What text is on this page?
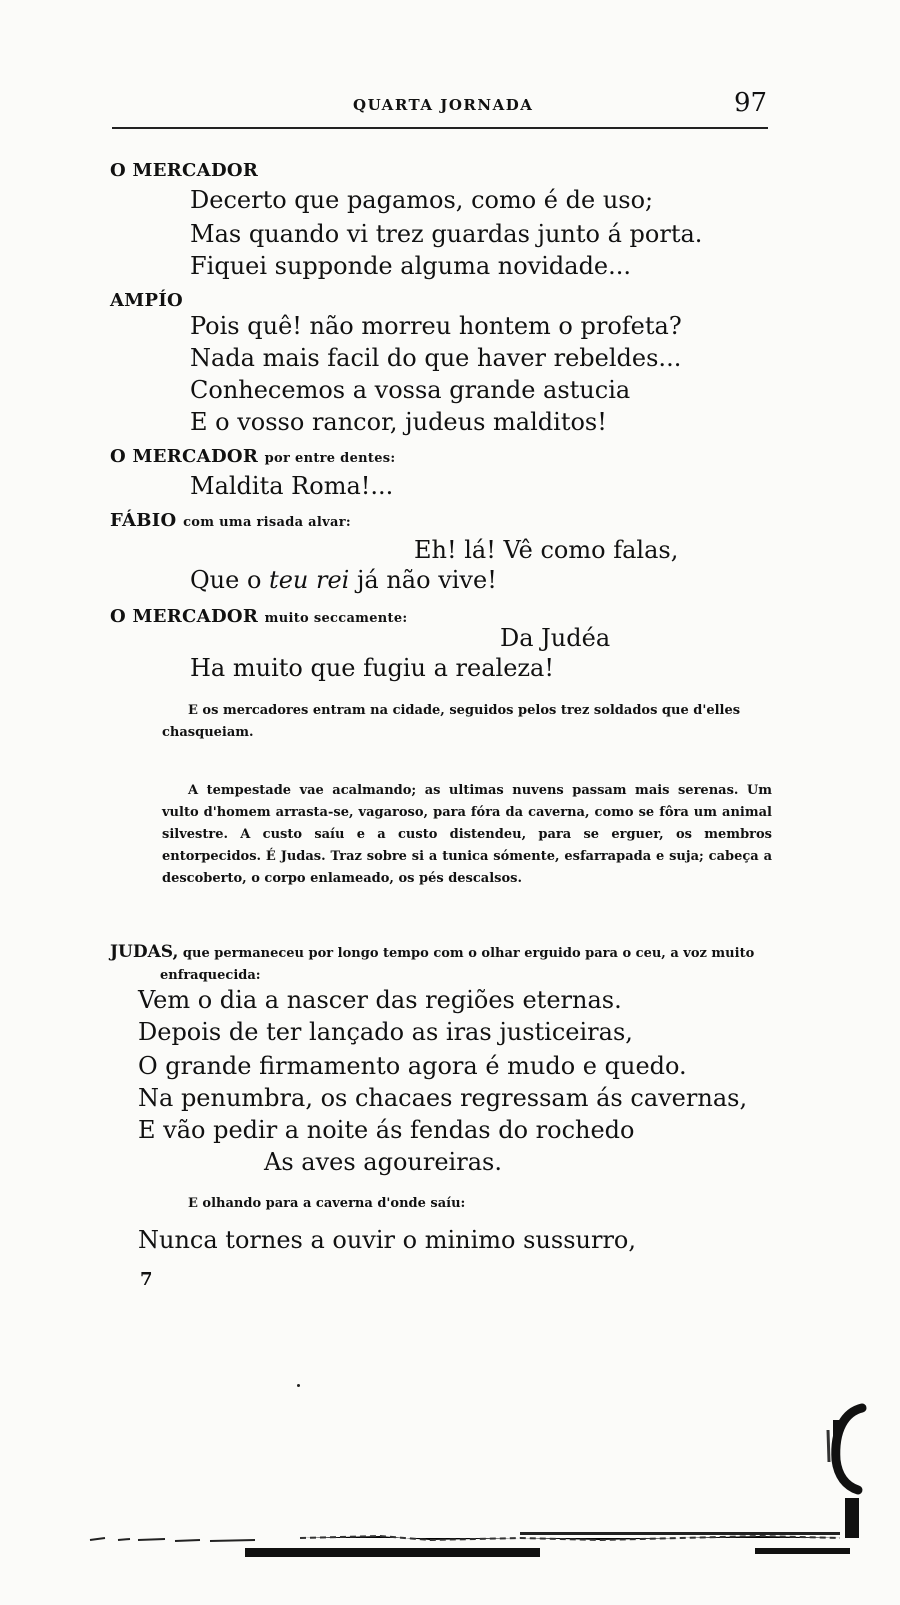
QUARTA JORNADA	97
O MERCADOR
Decerto que pagamos, como é de uso;
Mas quando vi trez guardas junto á porta.
Fiquei supponde alguma novidade...
AMPÍO
Pois quê! não morreu hontem o profeta?
Nada mais facil do que haver rebeldes...
Conhecemos a vossa grande astucia
E o vosso rancor, judeus malditos!
O MERCADOR por entre dentes:
Maldita Roma!...
FÁBIO com uma risada alvar:
Eh! lá! Vê como falas,
Que o teu rei já não vive!
O MERCADOR muito seccamente:
Da Judéa
Ha muito que fugiu a realeza!
E os mercadores entram na cidade, seguidos pelos trez soldados que d'elles chasqueiam.
A tempestade vae acalmando; as ultimas nuvens passam mais serenas. Um vulto d'homem arrasta-se, vagaroso, para fóra da caverna, como se fôra um animal silvestre. A custo saíu e a custo distendeu, para se erguer, os membros entorpecidos. É Judas. Traz sobre si a tunica sómente, esfarrapada e suja; cabeça a descoberto, o corpo enlameado, os pés descalsos.
JUDAS, que permaneceu por longo tempo com o olhar erguido para o ceu, a voz muito enfraquecida:
Vem o dia a nascer das regiões eternas.
Depois de ter lançado as iras justiceiras,
O grande firmamento agora é mudo e quedo.
Na penumbra, os chacaes regressam ás cavernas,
E vão pedir a noite ás fendas do rochedo
As aves agoureiras.
E olhando para a caverna d'onde saíu:
Nunca tornes a ouvir o minimo sussurro,
7
